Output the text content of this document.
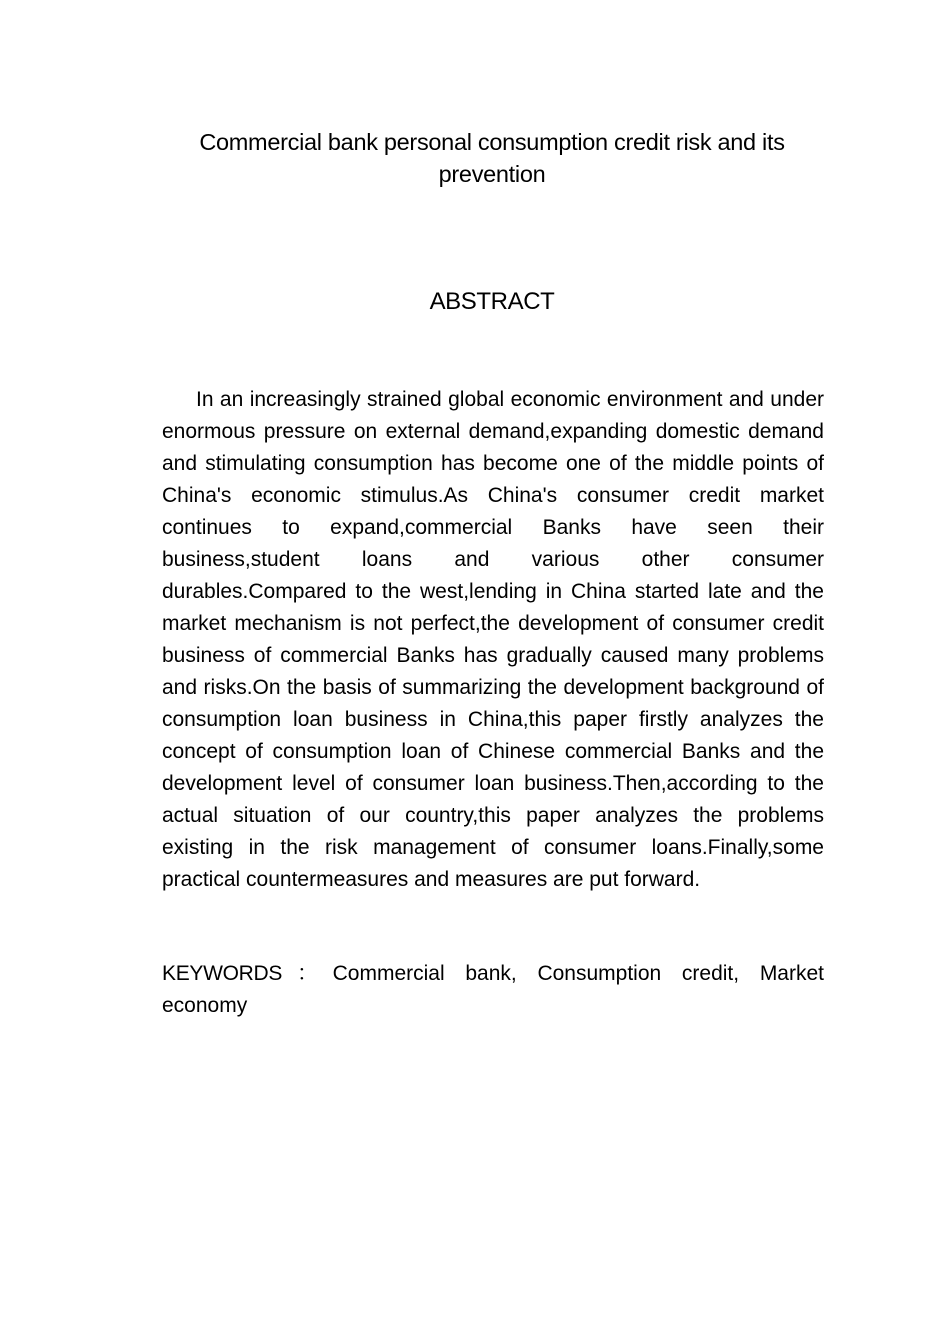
Commercial bank personal consumption credit risk and its prevention
ABSTRACT

In an increasingly strained global economic environment and under enormous pressure on external demand,expanding domestic demand and stimulating consumption has become one of the middle points of China's economic stimulus.As China's consumer credit market continues to expand,commercial Banks have seen their business,student loans and various other consumer durables.Compared to the west,lending in China started late and the market mechanism is not perfect,the development of consumer credit business of commercial Banks has gradually caused many problems and risks.On the basis of summarizing the development background of consumption loan business in China,this paper firstly analyzes the concept of consumption loan of Chinese commercial Banks and the development level of consumer loan business.Then,according to the actual situation of our country,this paper analyzes the problems existing in the risk management of consumer loans.Finally,some practical countermeasures and measures are put forward.

KEYWORDS：Commercial bank, Consumption credit, Market economy
